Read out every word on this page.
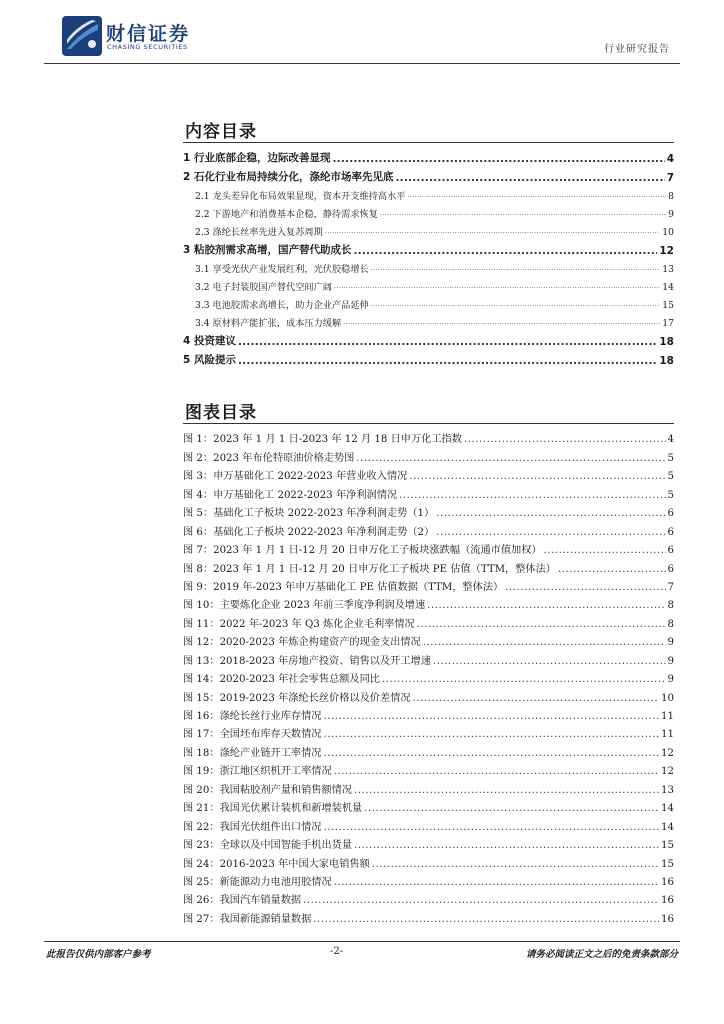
财信证券
CHASING SECURITIES	行业研究报告
内容目录
1 行业底部企稳，边际改善显现 .....	4
2 石化行业布局持续分化，涤纶市场率先见底 .....	7
2.1 龙头差异化布局效果显现，资本开支维持高水平 .....	8
2.2 下游地产和消费基本企稳，静待需求恢复 .....	9
2.3 涤纶长丝率先进入复苏周期 .....	10
3 粘胶剂需求高增，国产替代助成长 .....	12
3.1 享受光伏产业发展红利，光伏胶稳增长 .....	13
3.2 电子封装胶国产替代空间广阔 .....	14
3.3 电池胶需求高增长，助力企业产品延伸 .....	15
3.4 原材料产能扩张，成本压力缓解 .....	17
4 投资建议 .....	18
5 风险提示 .....	18
图表目录
图 1：2023 年 1 月 1 日-2023 年 12 月 18 日申万化工指数 .....	4
图 2：2023 年布伦特原油价格走势图 .....	5
图 3：申万基础化工 2022-2023 年营业收入情况 .....	5
图 4：申万基础化工 2022-2023 年净利润情况 .....	5
图 5：基础化工子板块 2022-2023 年净利润走势（1） .....	6
图 6：基础化工子板块 2022-2023 年净利润走势（2） .....	6
图 7：2023 年 1 月 1 日-12 月 20 日申万化工子板块涨跌幅（流通市值加权） .....	6
图 8：2023 年 1 月 1 日-12 月 20 日申万化工子板块 PE 估值（TTM，整体法） .....	6
图 9：2019 年-2023 年申万基础化工 PE 估值数据（TTM，整体法） .....	7
图 10：主要炼化企业 2023 年前三季度净利润及增速 .....	8
图 11：2022 年-2023 年 Q3 炼化企业毛利率情况 .....	8
图 12：2020-2023 年炼企构建资产的现金支出情况 .....	9
图 13：2018-2023 年房地产投资、销售以及开工增速 .....	9
图 14：2020-2023 年社会零售总额及同比 .....	9
图 15：2019-2023 年涤纶长丝价格以及价差情况 .....	10
图 16：涤纶长丝行业库存情况 .....	11
图 17：全国坯布库存天数情况 .....	11
图 18：涤纶产业链开工率情况 .....	12
图 19：浙江地区织机开工率情况 .....	12
图 20：我国粘胶剂产量和销售额情况 .....	13
图 21：我国光伏累计装机和新增装机量 .....	14
图 22：我国光伏组件出口情况 .....	14
图 23：全球以及中国智能手机出货量 .....	15
图 24：2016-2023 年中国大家电销售额 .....	15
图 25：新能源动力电池用胶情况 .....	16
图 26：我国汽车销量数据 .....	16
图 27：我国新能源销量数据 .....	16
此报告仅供内部客户参考	-2-	请务必阅读正文之后的免责条款部分
